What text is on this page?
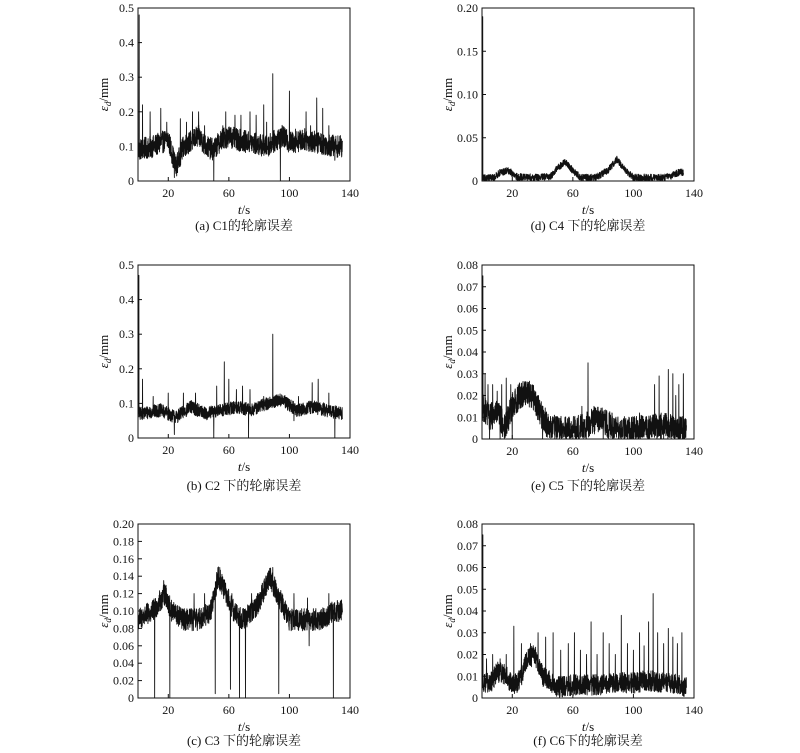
0
0.1
0.2
0.3
0.4
0.5
20	60	100	140
t/s
$\varepsilon_d/mm$
(a) C1的轮廓误差
0
0.1
0.2
0.3
0.4
0.5
20	60	100	140
t/s
$\varepsilon_d/mm$
(b) C2 下的轮廓误差
0
0.02
0.04
0.06
0.08
0.10
0.12
0.14
0.16
0.18
0.20
20	60	100	140
t/s
$\varepsilon_d/mm$
(c) C3 下的轮廓误差
0
0.05
0.10
0.15
0.20
20	60	100	140
t/s
$\varepsilon_d/mm$
(d) C4 下的轮廓误差
0
0.01
0.02
0.03
0.04
0.05
0.06
0.07
0.08
20	60	100	140
t/s
$\varepsilon_d/mm$
(e) C5 下的轮廓误差
0
0.01
0.02
0.03
0.04
0.05
0.06
0.07
0.08
20	60	100	140
t/s
$\varepsilon_d/mm$
(f) C6下的轮廓误差
